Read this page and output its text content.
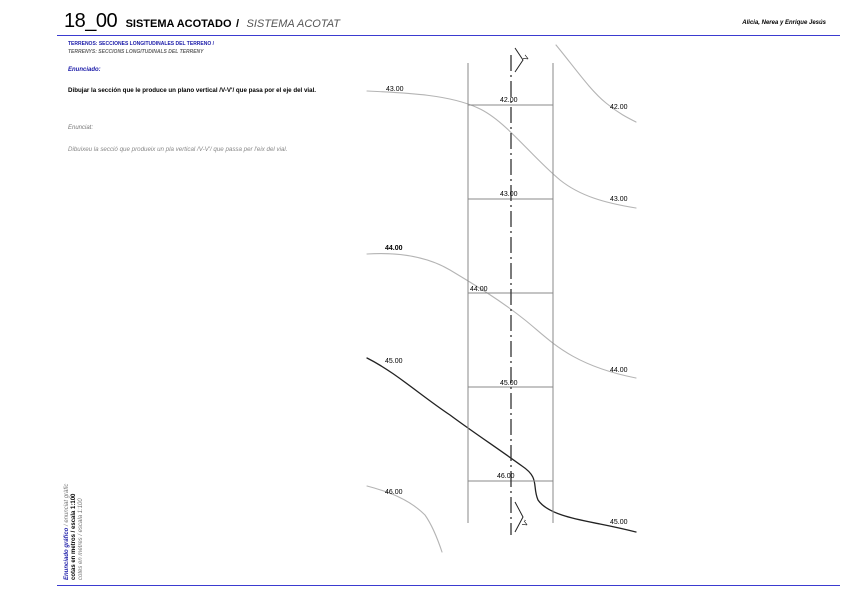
18_00 SISTEMA ACOTADO / SISTEMA ACOTAT	Alicia, Nerea y Enrique Jesús
TERRENOS: SECCIONES LONGITUDINALES DEL TERRENO /
TERRENYS: SECCIONS LONGITUDINALS DEL TERRENY
Enunciado:
Dibujar la sección que le produce un plano vertical /V-V'/ que pasa por el eje del vial.
Enunciat:
Dibuixeu la secció que produeix un pla vertical /V-V'/ que passa per l'eix del vial.
Enunciado gráfico / enunciat gràfic cotas en metros / escala 1:100 cotes en metres / escala 1:100
V
V'
42.00
43.00
44.00
45.00
46.00
43.00
42.00
43.00
44.00
45.00
44.00
46.00
45.00
